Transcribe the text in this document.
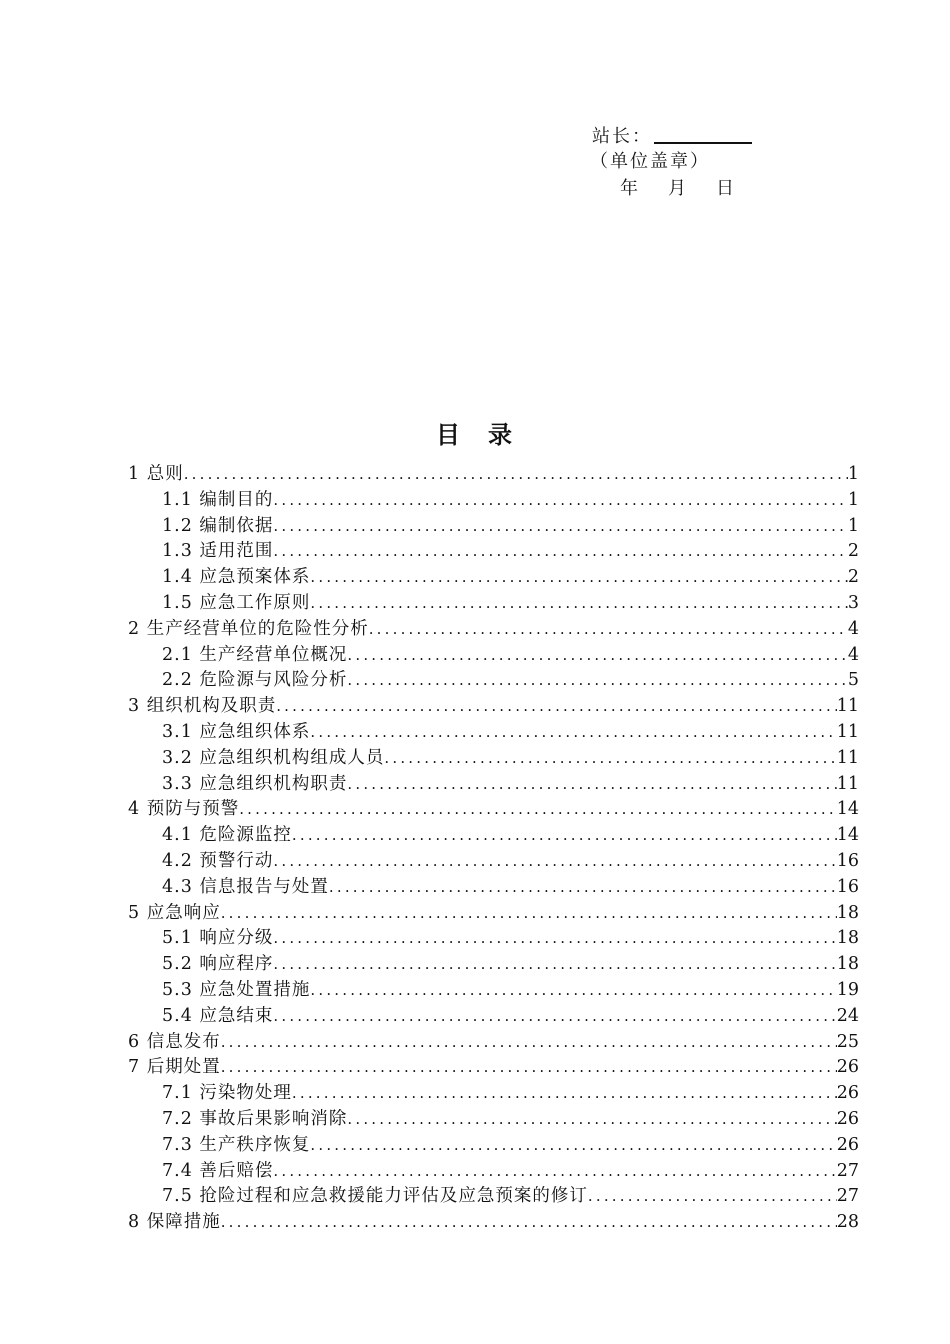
站长：
（单位盖章）
年　月　日
目　录
1 总则 .....	1
1.1 编制目的 .....	1
1.2 编制依据 .....	1
1.3 适用范围 .....	2
1.4 应急预案体系 .....	2
1.5 应急工作原则 .....	3
2 生产经营单位的危险性分析 .....	4
2.1 生产经营单位概况 .....	4
2.2 危险源与风险分析 .....	5
3 组织机构及职责 .....	11
3.1 应急组织体系 .....	11
3.2 应急组织机构组成人员 .....	11
3.3 应急组织机构职责 .....	11
4 预防与预警 .....	14
4.1 危险源监控 .....	14
4.2 预警行动 .....	16
4.3 信息报告与处置 .....	16
5 应急响应 .....	18
5.1 响应分级 .....	18
5.2 响应程序 .....	18
5.3 应急处置措施 .....	19
5.4 应急结束 .....	24
6 信息发布 .....	25
7 后期处置 .....	26
7.1 污染物处理 .....	26
7.2 事故后果影响消除 .....	26
7.3 生产秩序恢复 .....	26
7.4 善后赔偿 .....	27
7.5 抢险过程和应急救援能力评估及应急预案的修订 .....	27
8 保障措施 .....	28
